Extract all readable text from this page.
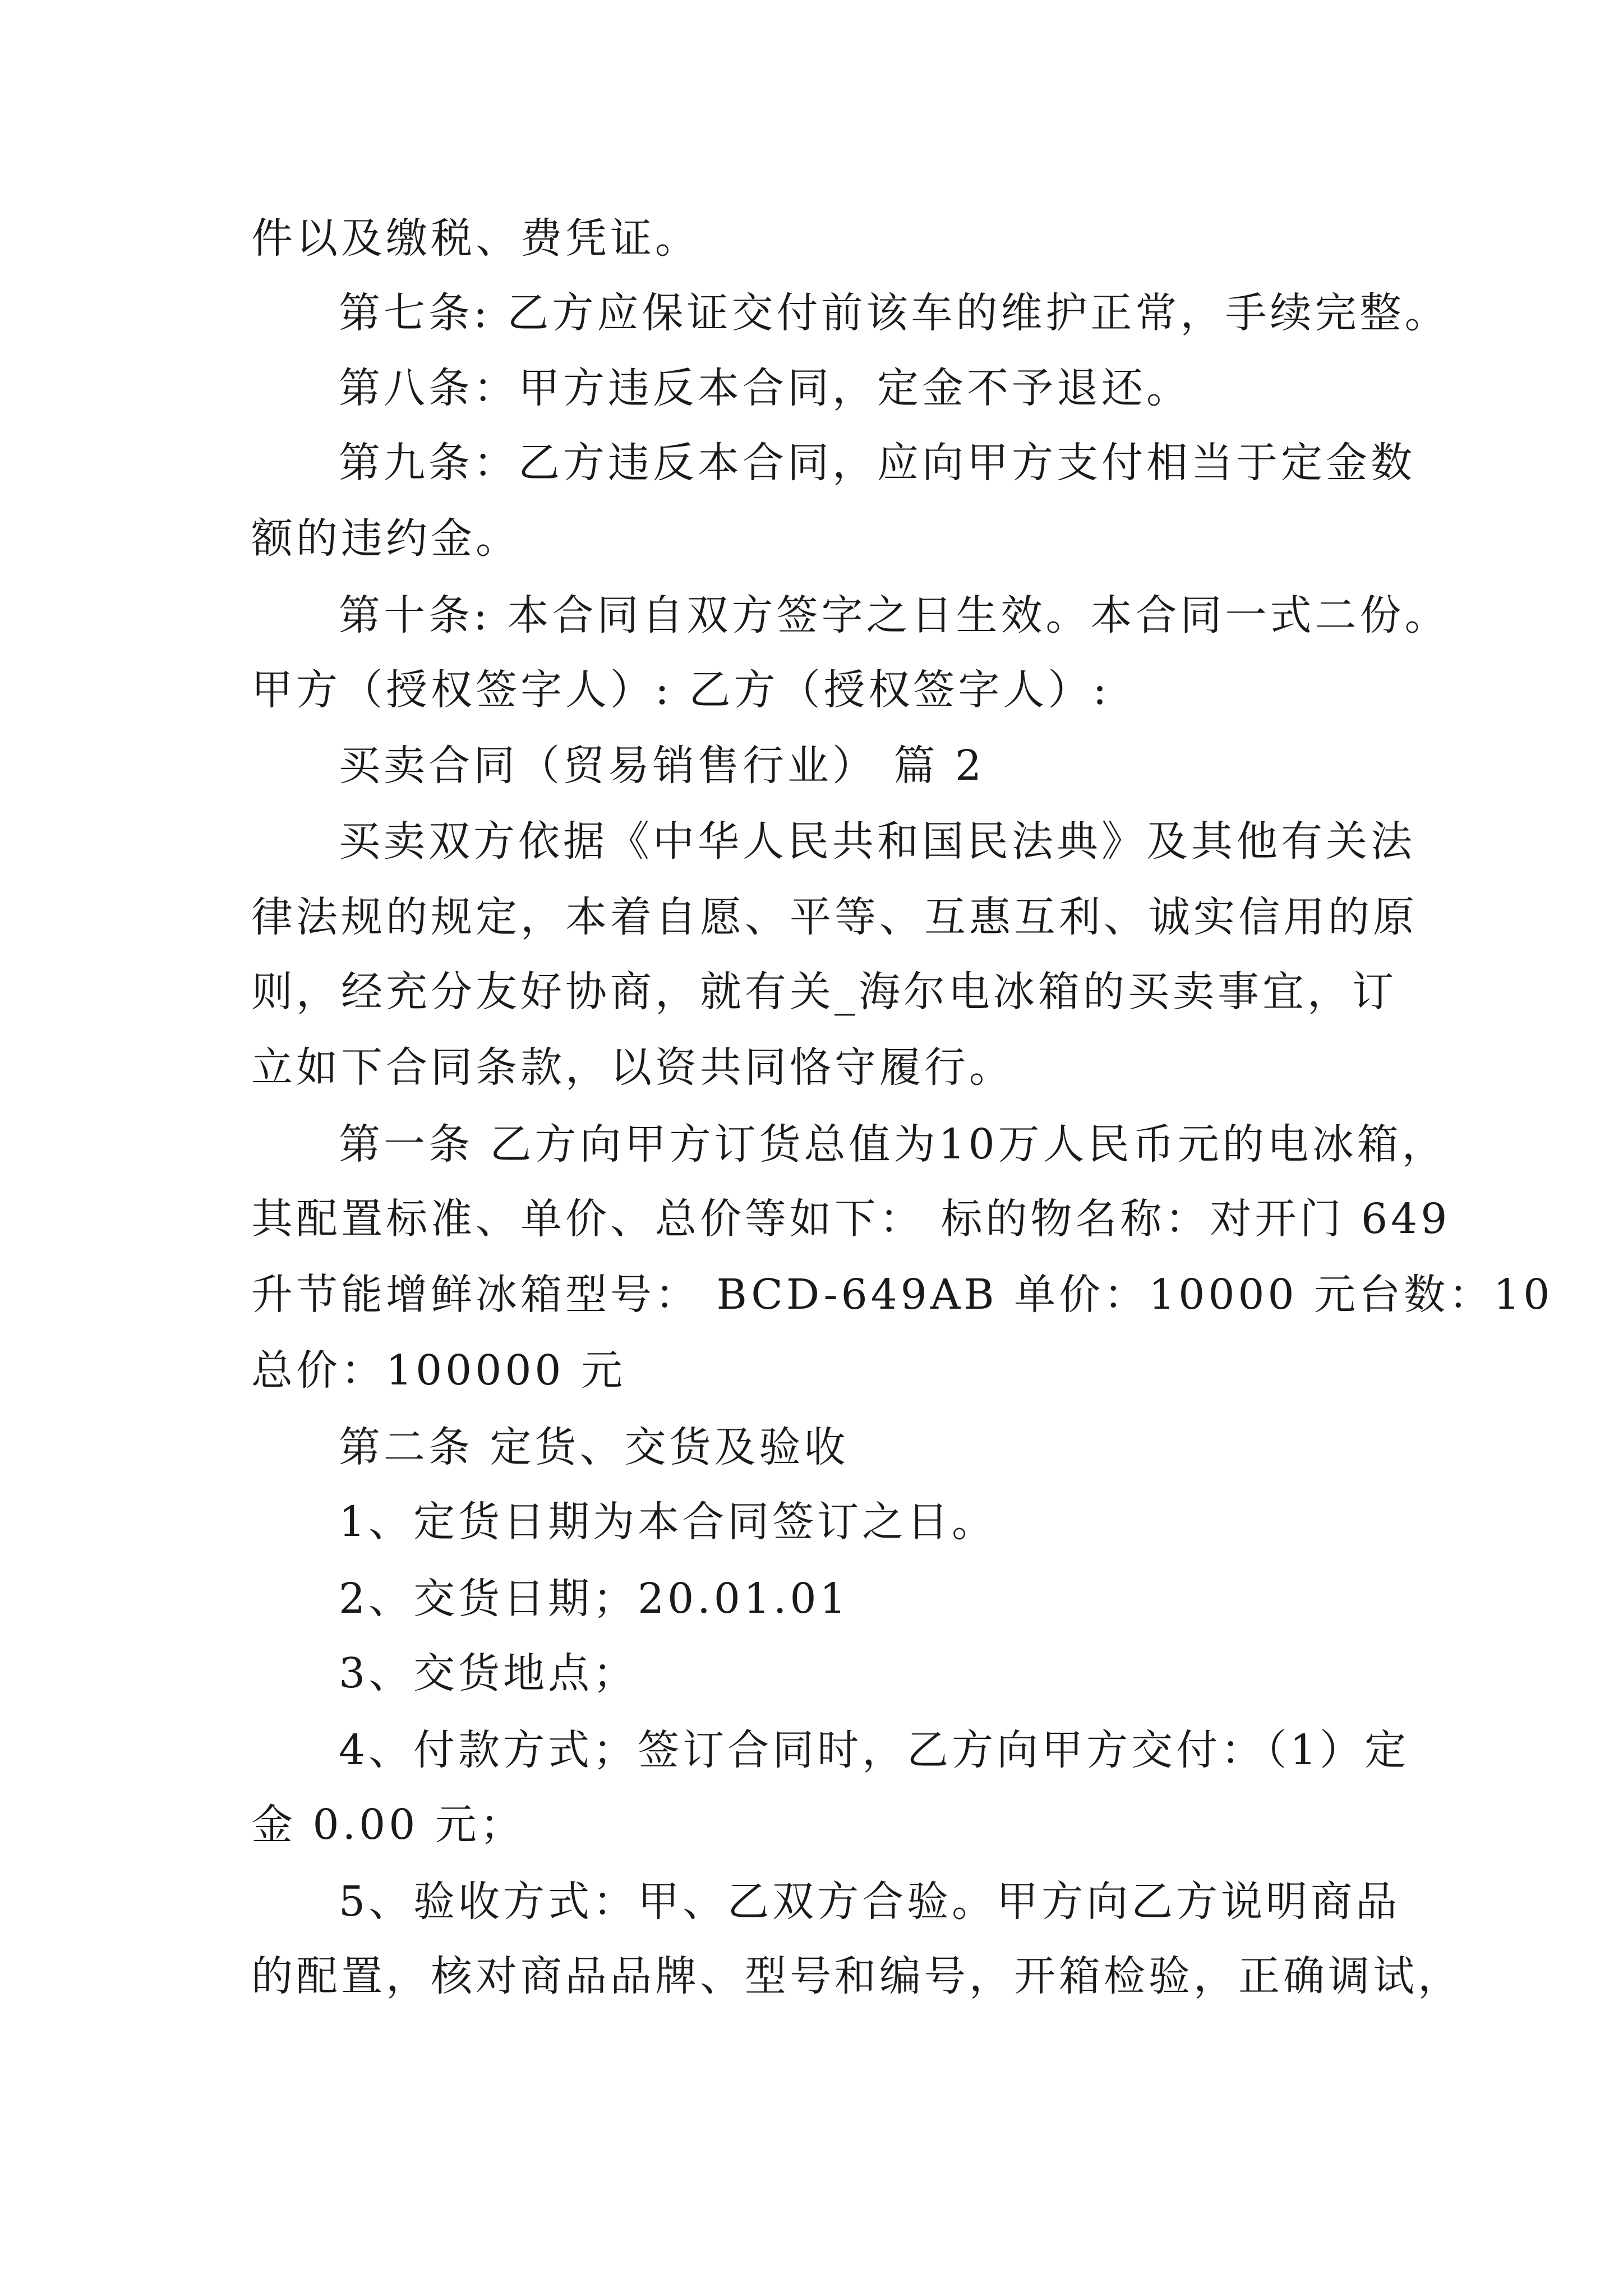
件以及缴税、费凭证。
第七条: 乙方应保证交付前该车的维护正常，手续完整。
第八条：甲方违反本合同，定金不予退还。
第九条：乙方违反本合同，应向甲方支付相当于定金数
额的违约金。
第十条: 本合同自双方签字之日生效。本合同一式二份。
甲方（授权签字人）: 乙方（授权签字人）:
买卖合同（贸易销售行业） 篇 2
买卖双方依据《中华人民共和国民法典》及其他有关法
律法规的规定，本着自愿、平等、互惠互利、诚实信用的原
则，经充分友好协商，就有关_海尔电冰箱的买卖事宜，订
立如下合同条款，以资共同恪守履行。
第一条 乙方向甲方订货总值为10万人民币元的电冰箱，
其配置标准、单价、总价等如下： 标的物名称：对开门 649
升节能增鲜冰箱型号： BCD-649AB 单价：10000 元台数：10
总价：100000 元
第二条 定货、交货及验收
1、定货日期为本合同签订之日。
2、交货日期；20.01.01
3、交货地点；
4、付款方式；签订合同时，乙方向甲方交付：（1）定
金 0.00 元；
5、验收方式：甲、乙双方合验。甲方向乙方说明商品
的配置，核对商品品牌、型号和编号，开箱检验，正确调试，
